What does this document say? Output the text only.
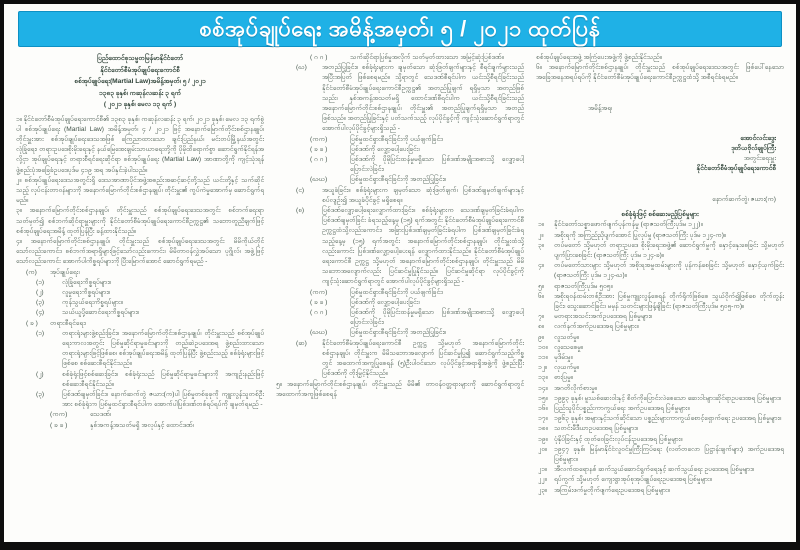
စစ်အုပ်ချုပ်ရေး အမိန့်အမှတ်၊ ၅ / ၂၀၂၁ ထုတ်ပြန်
ပြည်ထောင်စုသမ္မတမြန်မာနိုင်ငံတော်
နိုင်ငံတော်စီမံအုပ်ချုပ်ရေးကောင်စီ
စစ်အုပ်ချုပ်ရေး(Martial Law)အမိန့်အမှတ်၊ ၅ / ၂၀၂၁
၁၃၈၃ ခုနှစ်၊ ကဆုန်လဆန်း ၃ ရက်
( ၂၀၂၁ ခုနှစ်၊ မေလ ၁၃ ရက် )
၁။ နိုင်ငံတော်စီမံအုပ်ချုပ်ရေးကောင်စီ၏ ၁၃၈၃ ခုနှစ်၊ ကဆုန်လဆန်း ၃ ရက်၊ ၂၀၂၁ ခုနှစ်၊ မေလ ၁၃ ရက်စွဲပါ စစ်အုပ်ချုပ်ရေး (Martial Law) အမိန့်အမှတ်၊ ၄ / ၂၀၂၁ ဖြင့် အနောက်မြောက်တိုင်းစစ်ဌာနချုပ်၊ တိုင်းမှူးအား စစ်အုပ်ချုပ်ရေးဒေသအဖြစ် ကြေညာထားသော ချင်းပြည်နယ်၊ မင်းတပ်မြို့နယ်အတွင်း လုံခြုံရေး၊ တရားဥပဒေစိုးမိုးရေးနှင့် နယ်မြေအေးချမ်းသာယာရေးတို့ကို ပိုမိုထိရောက်စွာ ဆောင်ရွက်နိုင်ရန်အလို့ငှာ အုပ်ချုပ်ရေးနှင့် တရားစီရင်ရေးဆိုင်ရာ စစ်အုပ်ချုပ်ရေး (Martial Law) အာဏာတို့ကို ကျင့်သုံးရန် ဖွဲ့စည်းပုံအခြေခံဥပဒေပုဒ်မ ၄၁၉ အရ အပ်နှင်းခဲ့ပါသည်။
၂။ စစ်အုပ်ချုပ်ရေးဒေသအတွင်းရှိ ဒေသအာဏာပိုင်အဖွဲ့အစည်းအဆင့်ဆင့်တို့သည် ယင်းတို့နှင့် သက်ဆိုင်သည့် လုပ်ငန်းတာဝန်များကို အနောက်မြောက်တိုင်းစစ်ဌာနချုပ်၊ တိုင်းမှူး၏ ကွပ်ကဲမှုအောက်မှ ဆောင်ရွက်ရမည်။
၃။ အနောက်မြောက်တိုင်းစစ်ဌာနချုပ်၊ တိုင်းမှူးသည် စစ်အုပ်ချုပ်ရေးဒေသအတွင်း စစ်ဘက်ရေးရာ သတ်မှတ်၍ စစ်ဘက်ဆိုင်ရာမှူးများကို နိုင်ငံတော်စီမံအုပ်ချုပ်ရေးကောင်စီဥက္ကဋ္ဌ၏ သဘောတူညီချက်ဖြင့် စစ်အုပ်ချုပ်ရေးအမိန့် ထုတ်ပြန်ပြီး ခန့်ထားနိုင်သည်။
၄။ အနောက်မြောက်တိုင်းစစ်ဌာနချုပ်၊ တိုင်းမှူးသည် စစ်အုပ်ချုပ်ရေးဒေသအတွင်း မိမိကိုယ်တိုင်သော်လည်းကောင်း၊ စစ်ဘက်အရာရှိများဖြင့်သော်လည်းကောင်း၊ မိမိတာဝန်လွှဲအပ်သော ပုဂ္ဂိုလ်၊ အဖွဲ့ဖြင့် သော်လည်းကောင်း အောက်ပါကိစ္စရပ်များကို ပြီးမြောက်အောင် ဆောင်ရွက်ရမည် -
(က)	အုပ်ချုပ်ရေး၊
(၁)	လုံခြုံရေးကိစ္စရပ်များ။
(၂)	လူမှုရေးကိစ္စရပ်များ။
(၃)	ကုန်သွယ်ရေးကိစ္စရပ်များ။
(၄)	သယ်ယူပို့ဆောင်ရေးကိစ္စရပ်များ။
( ခ )	တရားစီရင်ရေး၊
(၁)	တရားရုံးများဖွဲ့စည်းခြင်း။ အနောက်မြောက်တိုင်းစစ်ဌာနချုပ်၊ တိုင်းမှူးသည် စစ်အုပ်ချုပ်ရေးကာလအတွင်း ပြစ်မှုဆိုင်ရာမှုခင်းများကို တည်ဆဲဥပဒေအရ ဖွဲ့စည်းထားသော တရားရုံးများဖြင့်ဖြစ်စေ၊ စစ်အုပ်ချုပ်ရေးအမိန့် ထုတ်ပြန်ပြီး ဖွဲ့စည်းသည့် စစ်ခုံရုံးများဖြင့်ဖြစ်စေ စစ်ဆေးစီရင်နိုင်သည်။
(၂)	စစ်ခုံရုံးဖြင့်စစ်ဆေးခြင်း။ စစ်ခုံရုံးသည် ပြစ်မှုဆိုင်ရာမှုခင်းများကို အကျဉ်းနည်းဖြင့် စစ်ဆေးစီရင်နိုင်သည်။
(၃)	ပြစ်ဒဏ်ချမှတ်ခြင်း။ နောက်ဆက်တွဲ ဇယား(က)ပါ ပြစ်မှုတစ်ခုခုကို ကျူးလွန်သူတစ်ဦးအား စစ်ခုံရုံးက ပြစ်မှုထင်ရှားစီရင်ပါက အောက်ပါပြစ်ဒဏ်တစ်ရပ်ရပ်ကို ချမှတ်ရမည် -
(ကက)	သေဒဏ်၊
( ခ ခ )	နှစ်အကန့်အသတ်မရှိ အလုပ်နှင့် ထောင်ဒဏ်၊
( ဂ ဂ )	သက်ဆိုင်ရာပြစ်မှုအလိုက် သတ်မှတ်ထားသော အမြင့်ဆုံးပြစ်ဒဏ်။
(ဃ)	အတည်ပြုခြင်း။ စစ်ခုံရုံးများက ချမှတ်သော ဆုံးဖြတ်ချက်များနှင့် စီရင်ချက်များသည် အပြီးအပြတ် ဖြစ်စေရမည်။ သို့ရာတွင် သေဒဏ်စီရင်ပါက ယင်းသို့စီရင်ခြင်းသည် နိုင်ငံတော်စီမံအုပ်ချုပ်ရေးကောင်စီဥက္ကဋ္ဌ၏ အတည်ပြုချက် ရရှိမှသာ အတည်ဖြစ်သည်း၊ နှစ်အကန့်အသတ်မရှိ ထောင်ဒဏ်စီရင်ပါက ယင်းသို့စီရင်ခြင်းသည် အနောက်မြောက်တိုင်းစစ်ဌာနချုပ်၊ တိုင်းမှူး၏ အတည်ပြုချက်ရရှိမှသာ အတည်ဖြစ်သည်။ အတည်ပြုခြင်းနှင့် ပတ်သက်သည့် လုပ်ပိုင်ခွင့်ကို ကျင့်သုံးဆောင်ရွက်ရာတွင် အောက်ပါလုပ်ပိုင်ခွင့်များရှိသည် -
(ကက)	ပြစ်မှုထင်ရှားစီရင်ခြင်းကို ပယ်ဖျက်ခြင်း၊
( ခ ခ )	ပြစ်ဒဏ်ကို လျှော့ပေါ့ပေးခြင်း၊
( ဂ ဂ )	ပြစ်ဒဏ်ကို ပိုမိုပြင်းထန်မှုမရှိသော ပြစ်ဒဏ်အမျိုးအစားသို့ လျှော့ပေါ့ပြောင်းလဲခြင်း၊
(ဃဃ)	ပြစ်မှုထင်ရှားစီရင်ခြင်းကို အတည်ပြုခြင်း။
(င)	အယူခံခြင်း။ စစ်ခုံရုံးများက ချမှတ်သော ဆုံးဖြတ်ချက်၊ ပြစ်ဒဏ်ချမှတ်ချက်များနှင့် စပ်လျဉ်း၍ အယူခံပိုင်ခွင့် မရှိစေရ။
(စ)	ပြစ်ဒဏ်လျှော့ပေါ့ရေးလျှောက်ထားခြင်း။ စစ်ခုံရုံးများက သေဒဏ်ချမှတ်ခြင်းခံရပါက ပြစ်ဒဏ်ချမှတ်ခြင်း ခံရသည့်နေ့မှ (၁၅) ရက်အတွင်း နိုင်ငံတော်စီမံအုပ်ချုပ်ရေးကောင်စီဥက္ကဋ္ဌထံသို့လည်းကောင်း၊ အခြားပြစ်ဒဏ်ချမှတ်ခြင်းခံရပါက ပြစ်ဒဏ်ချမှတ်ခြင်းခံရသည့်နေ့မှ (၁၅) ရက်အတွင်း အနောက်မြောက်တိုင်းစစ်ဌာနချုပ်၊ တိုင်းမှူးထံသို့လည်းကောင်း ပြစ်ဒဏ်လျှော့ပေါ့ပေးရန် လျှောက်ထားနိုင်သည်။ နိုင်ငံတော်စီမံအုပ်ချုပ်ရေးကောင်စီ ဥက္ကဋ္ဌ သို့မဟုတ် အနောက်မြောက်တိုင်းစစ်ဌာနချုပ်၊ တိုင်းမှူးသည် မိမိသဘောအလျောက်လည်း ပြင်ဆင်မှုပြုနိုင်သည်။ ပြင်ဆင်မှုဆိုင်ရာ လုပ်ပိုင်ခွင့်ကို ကျင့်သုံးဆောင်ရွက်ရာတွင် အောက်ပါလုပ်ပိုင်ခွင့်များရှိသည် -
(ကက)	ပြစ်မှုထင်ရှားစီရင်ခြင်းကို ပယ်ဖျက်ခြင်း၊
( ခ ခ )	ပြစ်ဒဏ်ကို လျှော့ပေါ့ပေးခြင်း၊
( ဂ ဂ )	ပြစ်ဒဏ်ကို ပိုမိုပြင်းထန်မှုမရှိသော ပြစ်ဒဏ်အမျိုးအစားသို့ လျှော့ပေါ့ပြောင်းလဲခြင်း၊
(ဃဃ)	ပြစ်မှုထင်ရှားစီရင်ခြင်းကို အတည်ပြုခြင်း။
(ဆ)	နိုင်ငံတော်စီမံအုပ်ချုပ်ရေးကောင်စီ ဥက္ကဋ္ဌ သို့မဟုတ် အနောက်မြောက်တိုင်း စစ်ဌာနချုပ်၊ တိုင်းမှူးက မိမိသဘောအလျောက် ပြင်ဆင်မှုပြု၍ ဆောင်ရွက်သည့်ကိစ္စတွင် အထောက်အကူပြုစေရန် (၅)ဦးပါဝင်သော လုပ်ပိုင်ခွင့်အရာရှိအဖွဲ့ကို ဖွဲ့စည်းပြီး ပြစ်ဒဏ်ကို တိုးမြှင့်နိုင်သည်။
၅။ အနောက်မြောက်တိုင်းစစ်ဌာနချုပ်၊ တိုင်းမှူးသည် မိမိ၏ တာဝန်ဝတ္တရားများကို ဆောင်ရွက်ရာတွင် အထောက်အကူဖြစ်စေရန်
စစ်အုပ်ချုပ်ရေးအဖွဲ့ အကြံပေးအဖွဲ့ကို ဖွဲ့စည်းနိုင်သည်။
၆။ အနောက်မြောက်တိုင်းစစ်ဌာနချုပ်၊ တိုင်းမှူးသည် စစ်အုပ်ချုပ်ရေးဒေသအတွင်း ဖြစ်ပေါ်နေသော အခြေအနေအရပ်ရပ်ကို နိုင်ငံတော်စီမံအုပ်ချုပ်ရေးကောင်စီဥက္ကဋ္ဌထံသို့ အစီရင်ခံရမည်။
အမိန့်အရ၊
အောင်လင်းဒွေး
ဒုတိယဗိုလ်ချုပ်ကြီး
အတွင်းရေးမှူး
နိုင်ငံတော်စီမံအုပ်ချုပ်ရေးကောင်စီ
နောက်ဆက်တွဲ၊ ဇယား(က)
စစ်ခုံရုံးဖြင့် စစ်ဆေးမည့်ပြစ်မှုများ
၁။	နိုင်ငံတော်သစ္စာဖောက်ဖျက်ပုန်ကန်မှု (ရာဇသတ်ကြီးပုဒ်မ ၁၂၂)။
၂။	အစိုးရကို အကြည်ညိုပျက်အောင် ပြုလုပ်မှု (ရာဇသတ်ကြီး ပုဒ်မ ၁၂၄-က)။
၃။	တပ်မတော် သို့မဟုတ် တရားဥပဒေ စိုးမိုးရေးအဖွဲ့၏ ဆောင်ရွက်မှုကို နှောင့်နှေးစေခြင်း သို့မဟုတ် ပျက်ပြားစေခြင်း (ရာဇသတ်ကြီး ပုဒ်မ ၁၂၄-ခ)။
၄။	တပ်မတော်သားများ သို့မဟုတ် အစိုးရအမှုထမ်းများကို ပုန်ကန်စေခြင်း သို့မဟုတ် နှောင့်ယှက်ခြင်း (ရာဇသတ်ကြီး ပုဒ်မ ၁၂၄-ဃ)။
၅။	ရာဇသတ်ကြီးပုဒ်မ ၅၀၅။
၆။	အစိုးရဝန်ထမ်းတစ်ဦးအား ပြစ်မှုကျူးလွန်စေရန် တိုက်ရိုက်ဖြစ်စေ သွယ်ဝိုက်၍ဖြစ်စေ တိုက်တွန်းခြင်း၊ သွေးဆောင်ခြင်း၊ မမှန် သတင်းများဖြန့်ချိခြင်း (ရာဇသတ်ကြီးပုဒ်မ ၅၀၅-က)။
၇။	မတရားအသင်းအက်ဥပဒေအရ ပြစ်မှုများ။
၈။	လက်နက်အက်ဥပဒေအရ ပြစ်မှုများ။
၉။	လူသတ်မှု။
၁၀။ လူသေစေမှု။
၁၁။ မုဒိမ်းမှု။
၁၂။	လုယက်မှု။
၁၃။ ဓားပြမှု။
၁၄။ အဂတိလိုက်စားမှု။
၁၅။ ၁၉၉၃ ခုနှစ်၊ မူးယစ်ဆေးဝါးနှင့် စိတ်ကိုပြောင်းလဲစေသော ဆေးဝါးများဆိုင်ရာဥပဒေအရ ပြစ်မှုများ။
၁၆။ ပြည်သူပိုင်ပစ္စည်းကာကွယ်ရေး အက်ဥပဒေအရ ပြစ်မှုများ။
၁၇။ ၁၉၆၃ ခုနှစ်၊ အများနှင့်သက်ဆိုင်သော ပစ္စည်းများကာကွယ်စောင့်ရှောက်ရေး ဥပဒေအရ ပြစ်မှုများ။
၁၈။ သတင်းမီဒီယာဥပဒေအရ ပြစ်မှုများ။
၁၉။ ပုံနှိပ်ခြင်းနှင့် ထုတ်ဝေခြင်းလုပ်ငန်းဥပဒေအရ ပြစ်မှုများ။
၂၀။	၁၉၄၇ ခုနှစ်၊ မြန်မာနိုင်ငံလူဝင်မှုကြီးကြပ်ရေး (လတ်တလော ပြဋ္ဌာန်းချက်များ) အက်ဥပဒေအရ ပြစ်မှုများ။
၂၁။	အီလက်ထရောနစ် ဆက်သွယ်ဆောင်ရွက်ရေးနှင့် ဆက်သွယ်ရေး ဥပဒေအရ ပြစ်မှုများ။
၂၂။	ရပ်ကွက် သို့မဟုတ် ကျေးရွာအုပ်စုအုပ်ချုပ်ရေးဥပဒေအရ ပြစ်မှုများ။
၂၃။	အကြမ်းဖက်မှုတိုက်ဖျက်ရေးဥပဒေအရ ပြစ်မှုများ။
